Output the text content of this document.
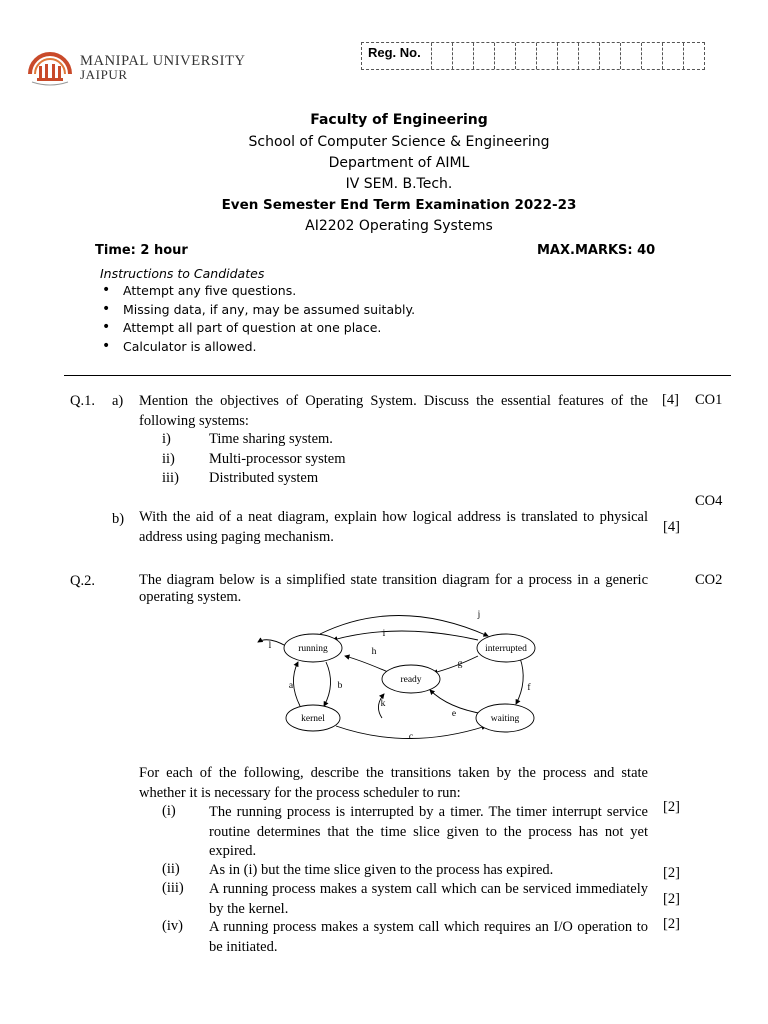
MANIPAL UNIVERSITY
JAIPUR
Reg. No.
Faculty of Engineering
School of Computer Science & Engineering
Department of AIML
IV SEM. B.Tech.
Even Semester End Term Examination 2022-23
AI2202 Operating Systems
Time: 2 hour	MAX.MARKS: 40
Instructions to Candidates
• Attempt any five questions.
• Missing data, if any, may be assumed suitably.
• Attempt all part of question at one place.
• Calculator is allowed.
Q.1. a) Mention the objectives of Operating System. Discuss the essential features of the following systems:
[4] CO1
i)	Time sharing system.
ii) Multi-processor system
iii) Distributed system
CO4
b) With the aid of a neat diagram, explain how logical address is translated to physical address using paging mechanism.
[4]
Q.2.	The diagram below is a simplified state transition diagram for a process in a generic operating system.
CO2
running	interrupted
ready
kernel	waiting
a	b
c
e
f
g
h
i
j
k
l
For each of the following, describe the transitions taken by the process and state whether it is necessary for the process scheduler to run:
(i) The running process is interrupted by a timer. The timer interrupt service routine determines that the time slice given to the process has not yet expired.
[2]
(ii) As in (i) but the time slice given to the process has expired.	[2]
(iii) A running process makes a system call which can be serviced immediately by the kernel.
[2]
(iv) A running process makes a system call which requires an I/O operation to be initiated.
[2]
